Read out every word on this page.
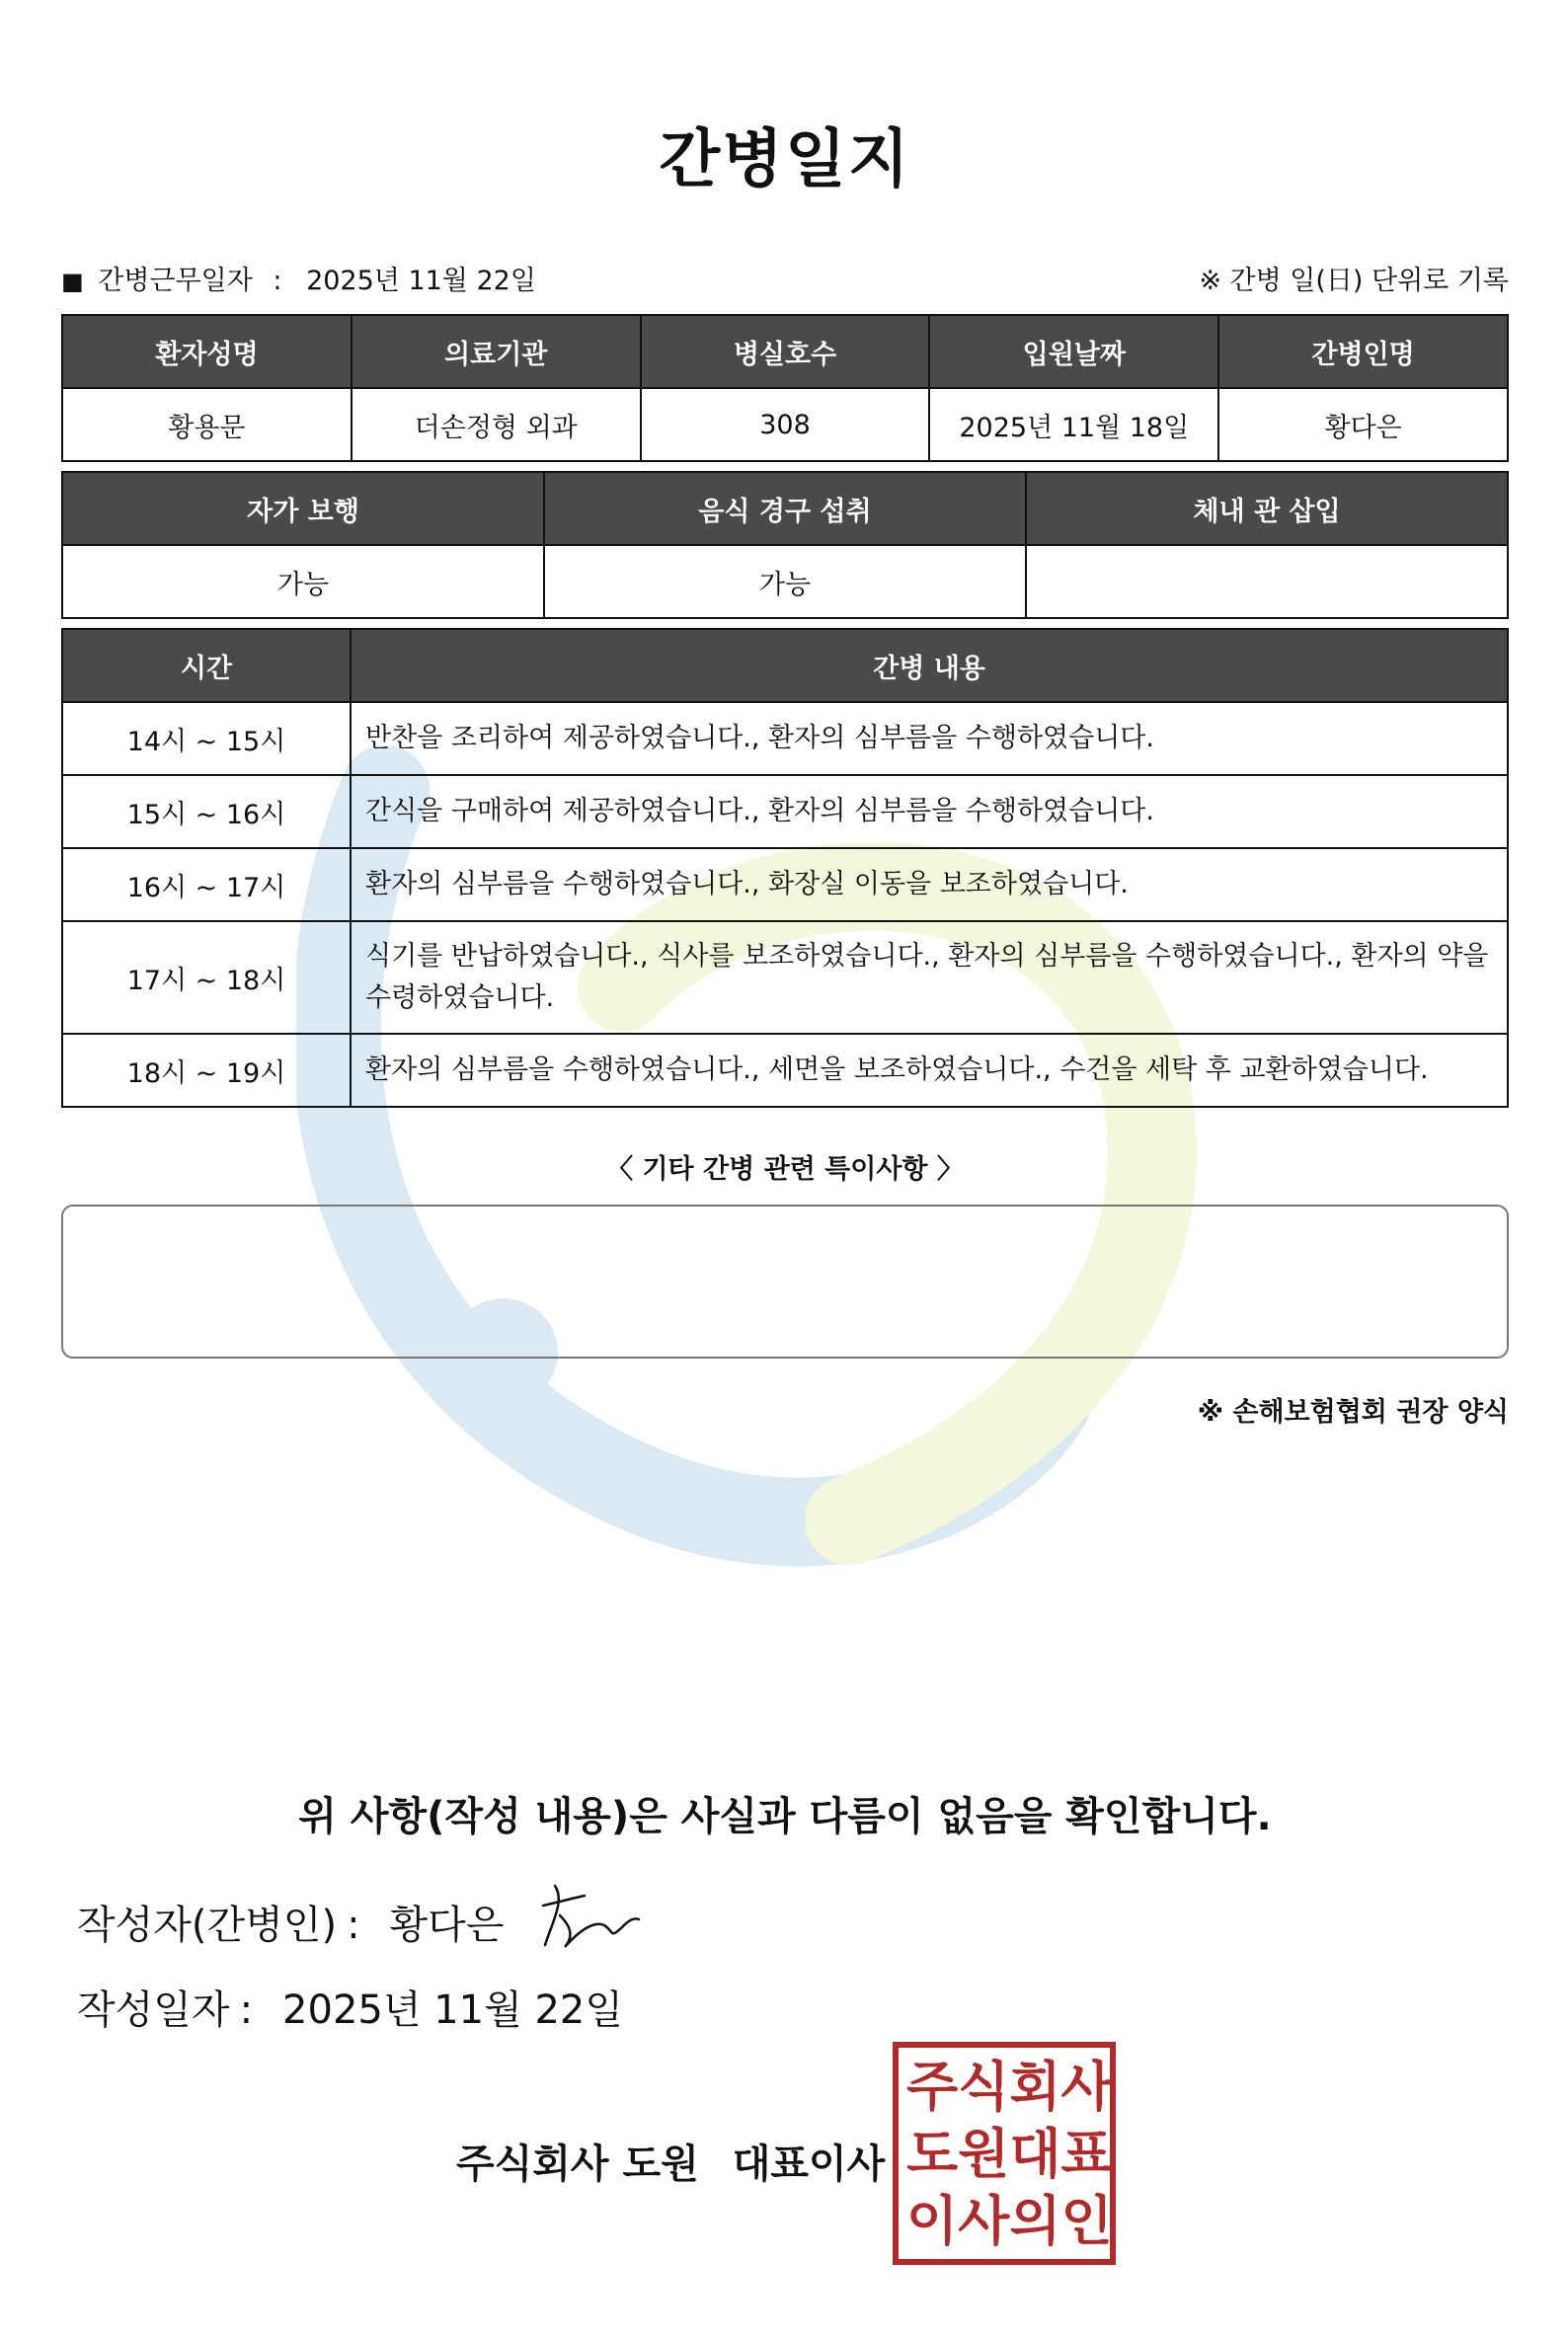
간병일지
■ 간병근무일자 : 2025년 11월 22일	※ 간병 일(日) 단위로 기록
환자성명	의료기관	병실호수	입원날짜	간병인명
황용문	더손정형 외과	308	2025년 11월 18일	황다은
자가 보행	음식 경구 섭취	체내 관 삽입
가능	가능	
시간	간병 내용
14시 ~ 15시	반찬을 조리하여 제공하였습니다., 환자의 심부름을 수행하였습니다.
15시 ~ 16시	간식을 구매하여 제공하였습니다., 환자의 심부름을 수행하였습니다.
16시 ~ 17시	환자의 심부름을 수행하였습니다., 화장실 이동을 보조하였습니다.
17시 ~ 18시	식기를 반납하였습니다., 식사를 보조하였습니다., 환자의 심부름을 수행하였습니다., 환자의 약을 수령하였습니다.
18시 ~ 19시	환자의 심부름을 수행하였습니다., 세면을 보조하였습니다., 수건을 세탁 후 교환하였습니다.
〈 기타 간병 관련 특이사항 〉
※ 손해보험협회 권장 양식
위 사항(작성 내용)은 사실과 다름이 없음을 확인합니다.
작성자(간병인) : 황다은
작성일자 : 2025년 11월 22일
주식회사 도원 대표이사
주 식 회 사
도 원 대 표
이 사 의 인
